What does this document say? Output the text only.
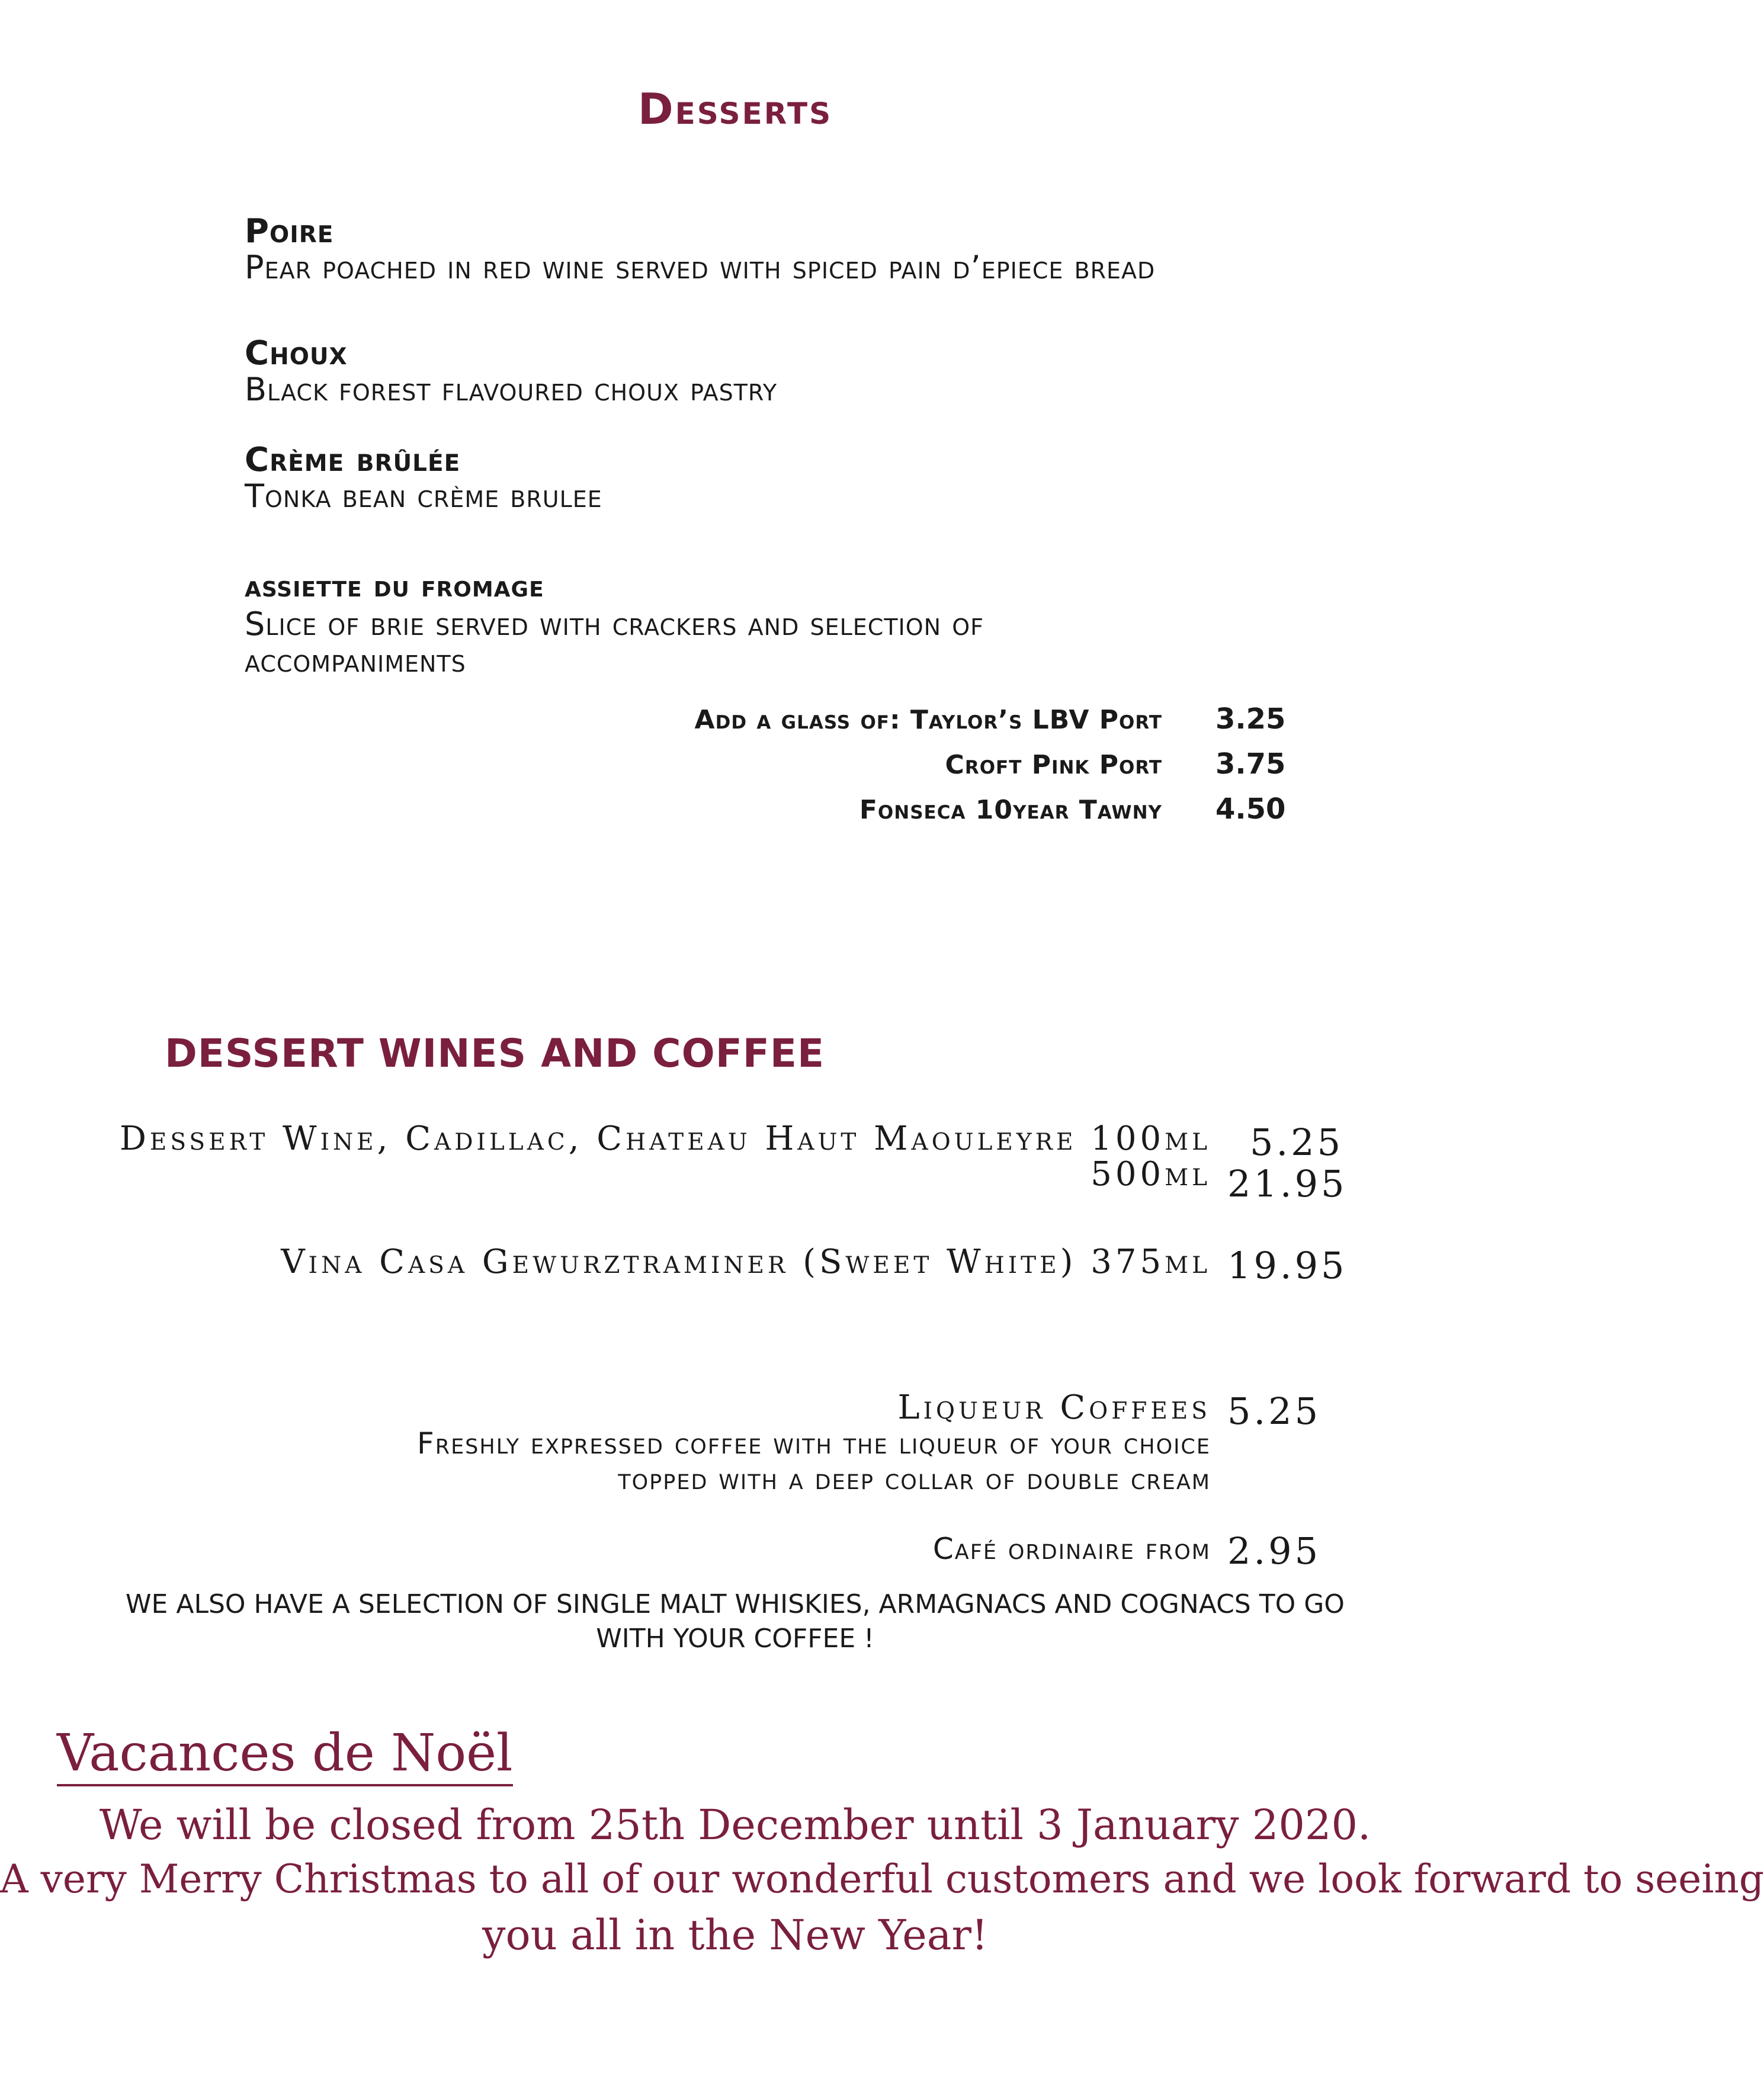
Desserts
Poire
Pear poached in red wine served with spiced pain d’epiece bread
Choux
Black forest flavoured choux pastry
Crème brûlée
Tonka bean crème brulee
assiette du fromage
Slice of brie served with crackers and selection of
accompaniments
Add a glass of: Taylor’s LBV Port 3.25
Croft Pink Port 3.75
Fonseca 10year Tawny 4.50
DESSERT WINES AND COFFEE
Dessert Wine, Cadillac, Chateau Haut Maouleyre 100ml 5.25
500ml 21.95
Vina Casa Gewurztraminer (Sweet White) 375ml 19.95
Liqueur Coffees 5.25
Freshly expressed coffee with the liqueur of your choice
topped with a deep collar of double cream
Café ordinaire from 2.95
WE ALSO HAVE A SELECTION OF SINGLE MALT WHISKIES, ARMAGNACS AND COGNACS TO GO
WITH YOUR COFFEE !
Vacances de Noël
We will be closed from 25th December until 3 January 2020.
A very Merry Christmas to all of our wonderful customers and we look forward to seeing
you all in the New Year!
